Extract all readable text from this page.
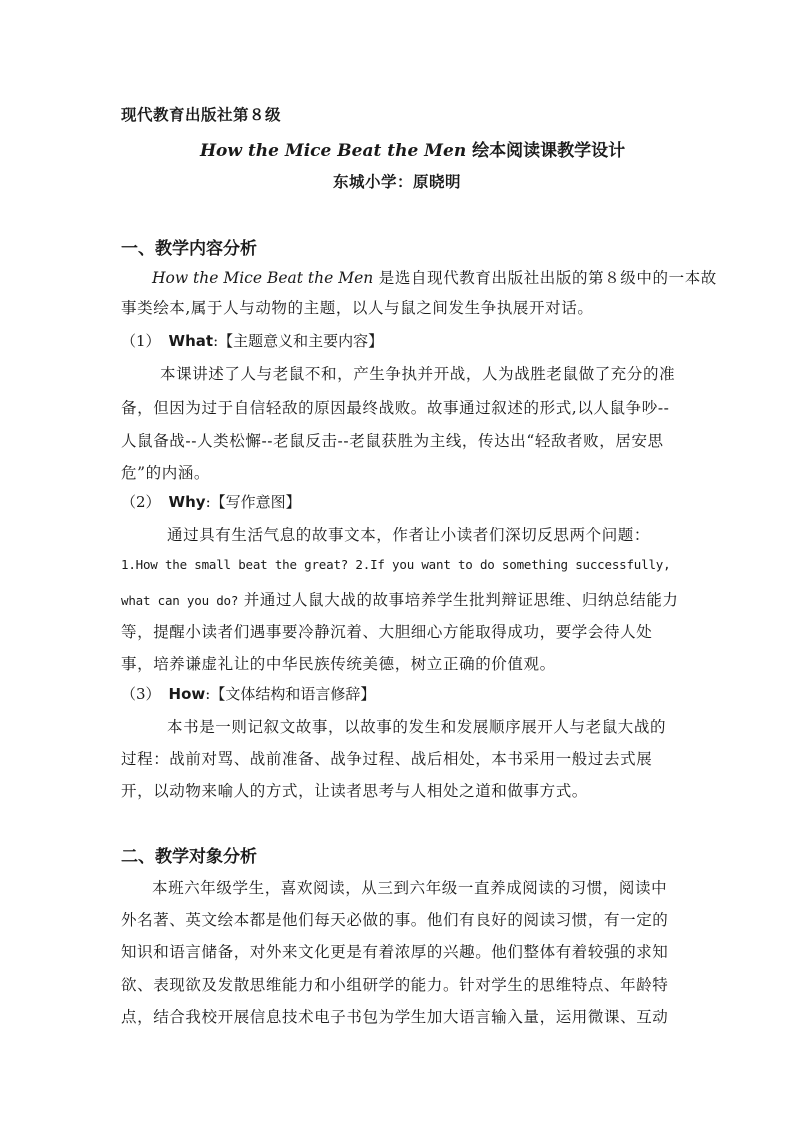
现代教育出版社第８级
How the Mice Beat the Men 绘本阅读课教学设计
东城小学：原晓明
一、教学内容分析
How the Mice Beat the Men 是选自现代教育出版社出版的第８级中的一本故
事类绘本,属于人与动物的主题，以人与鼠之间发生争执展开对话。
（1） What:【主题意义和主要内容】
本课讲述了人与老鼠不和，产生争执并开战，人为战胜老鼠做了充分的准
备，但因为过于自信轻敌的原因最终战败。故事通过叙述的形式,以人鼠争吵--
人鼠备战--人类松懈--老鼠反击--老鼠获胜为主线，传达出“轻敌者败，居安思
危”的内涵。
（2） Why:【写作意图】
通过具有生活气息的故事文本，作者让小读者们深切反思两个问题：
1.How the small beat the great? 2.If you want to do something successfully,
what can you do? 并通过人鼠大战的故事培养学生批判辩证思维、归纳总结能力
等，提醒小读者们遇事要冷静沉着、大胆细心方能取得成功，要学会待人处
事，培养谦虚礼让的中华民族传统美德，树立正确的价值观。
（3） How:【文体结构和语言修辞】
本书是一则记叙文故事，以故事的发生和发展顺序展开人与老鼠大战的
过程：战前对骂、战前准备、战争过程、战后相处，本书采用一般过去式展
开，以动物来喻人的方式，让读者思考与人相处之道和做事方式。
二、教学对象分析
本班六年级学生，喜欢阅读，从三到六年级一直养成阅读的习惯，阅读中
外名著、英文绘本都是他们每天必做的事。他们有良好的阅读习惯，有一定的
知识和语言储备，对外来文化更是有着浓厚的兴趣。他们整体有着较强的求知
欲、表现欲及发散思维能力和小组研学的能力。针对学生的思维特点、年龄特
点，结合我校开展信息技术电子书包为学生加大语言输入量，运用微课、互动
